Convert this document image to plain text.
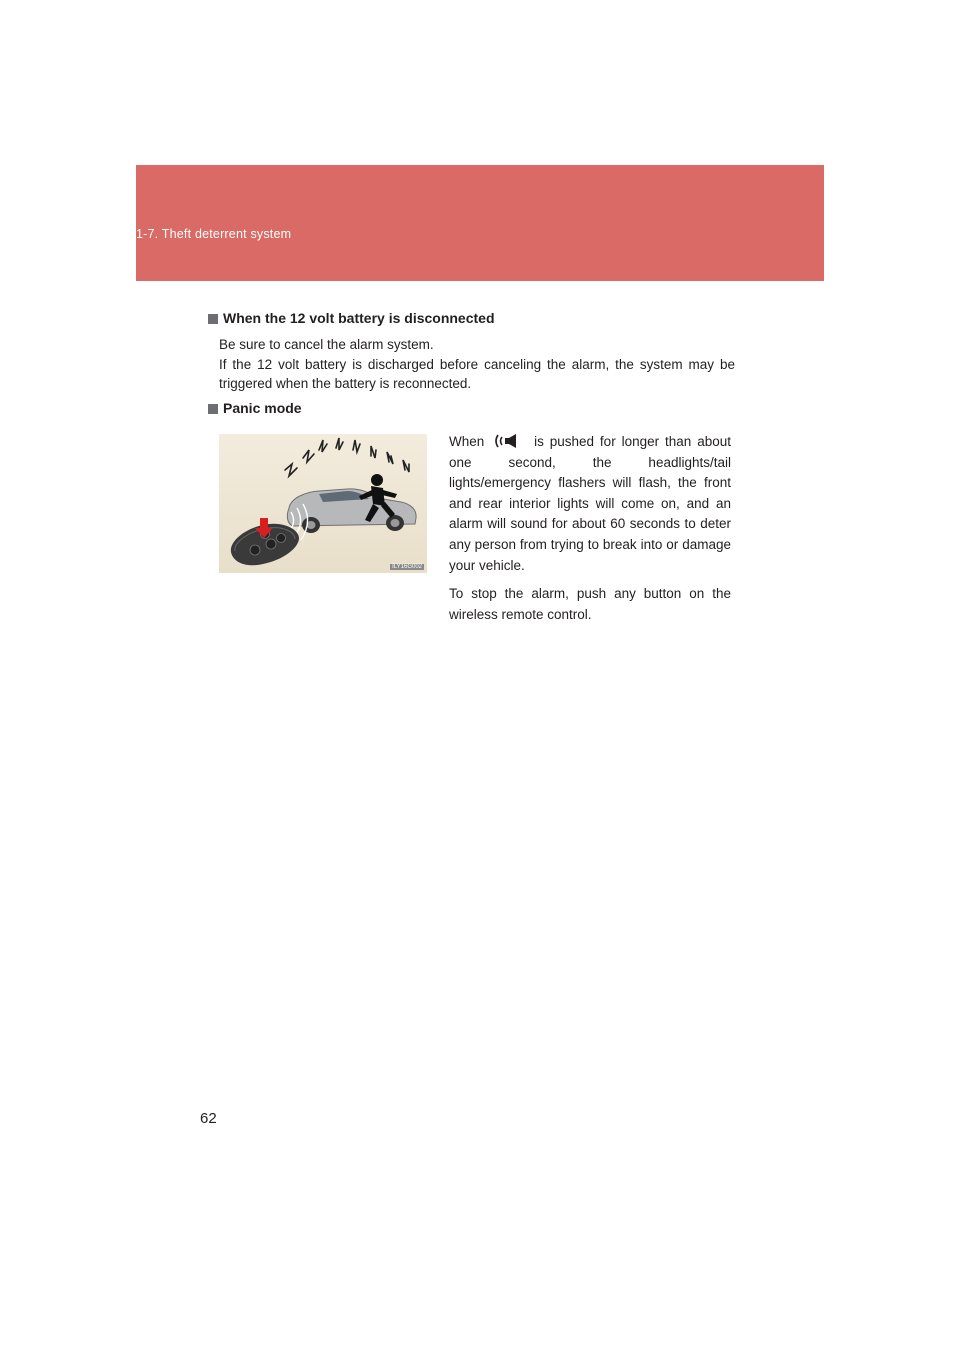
1-7. Theft deterrent system
When the 12 volt battery is disconnected

Be sure to cancel the alarm system.

If the 12 volt battery is discharged before canceling the alarm, the system may be triggered when the battery is reconnected.

Panic mode
ILY16G002

When	is pushed for longer than about one second, the headlights/tail lights/emergency flashers will flash, the front and rear interior lights will come on, and an alarm will sound for about 60 seconds to deter any person from trying to break into or damage your vehicle.

To stop the alarm, push any button on the wireless remote control.

62
